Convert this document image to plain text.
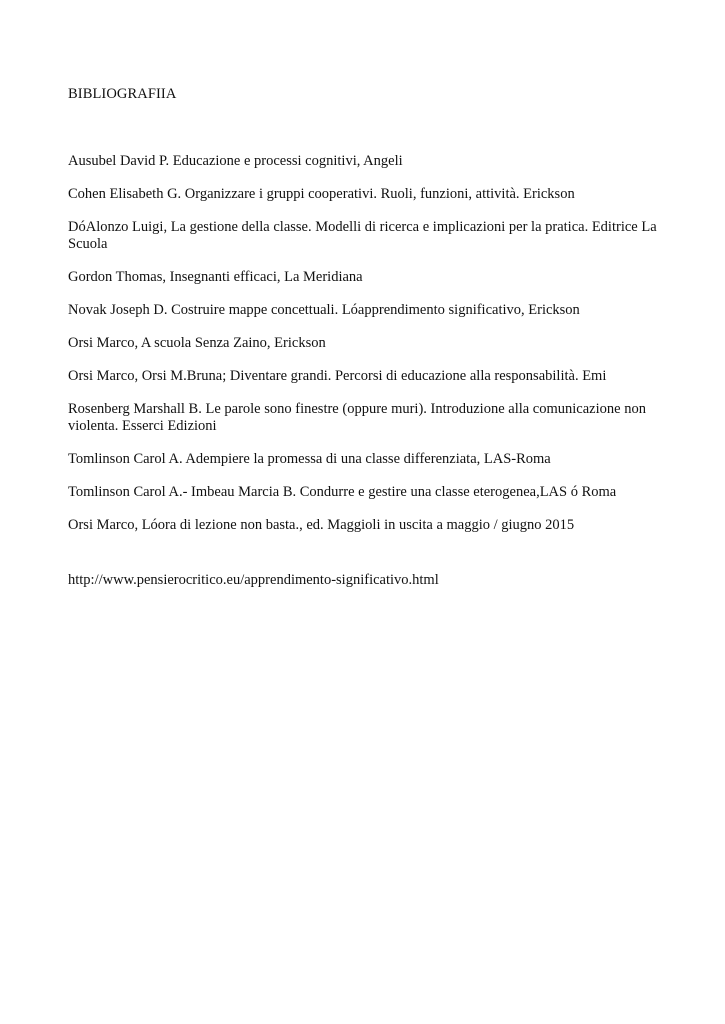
BIBLIOGRAFIIA
Ausubel David P. Educazione e processi cognitivi, Angeli
Cohen Elisabeth G. Organizzare i gruppi cooperativi. Ruoli, funzioni, attività. Erickson
DóAlonzo Luigi, La gestione della classe. Modelli di ricerca e implicazioni per la pratica. Editrice La Scuola
Gordon Thomas, Insegnanti efficaci, La Meridiana
Novak Joseph D. Costruire mappe concettuali. Lóapprendimento significativo, Erickson
Orsi Marco, A scuola Senza Zaino, Erickson
Orsi Marco, Orsi M.Bruna; Diventare grandi. Percorsi di educazione alla responsabilità. Emi
Rosenberg Marshall B. Le parole sono finestre (oppure muri). Introduzione alla comunicazione non violenta. Esserci Edizioni
Tomlinson Carol A. Adempiere la promessa di una classe differenziata, LAS-Roma
Tomlinson Carol A.- Imbeau Marcia B. Condurre e gestire una classe eterogenea,LAS ó Roma
Orsi Marco, Lóora di lezione non basta., ed. Maggioli in uscita a maggio / giugno 2015
http://www.pensierocritico.eu/apprendimento-significativo.html
